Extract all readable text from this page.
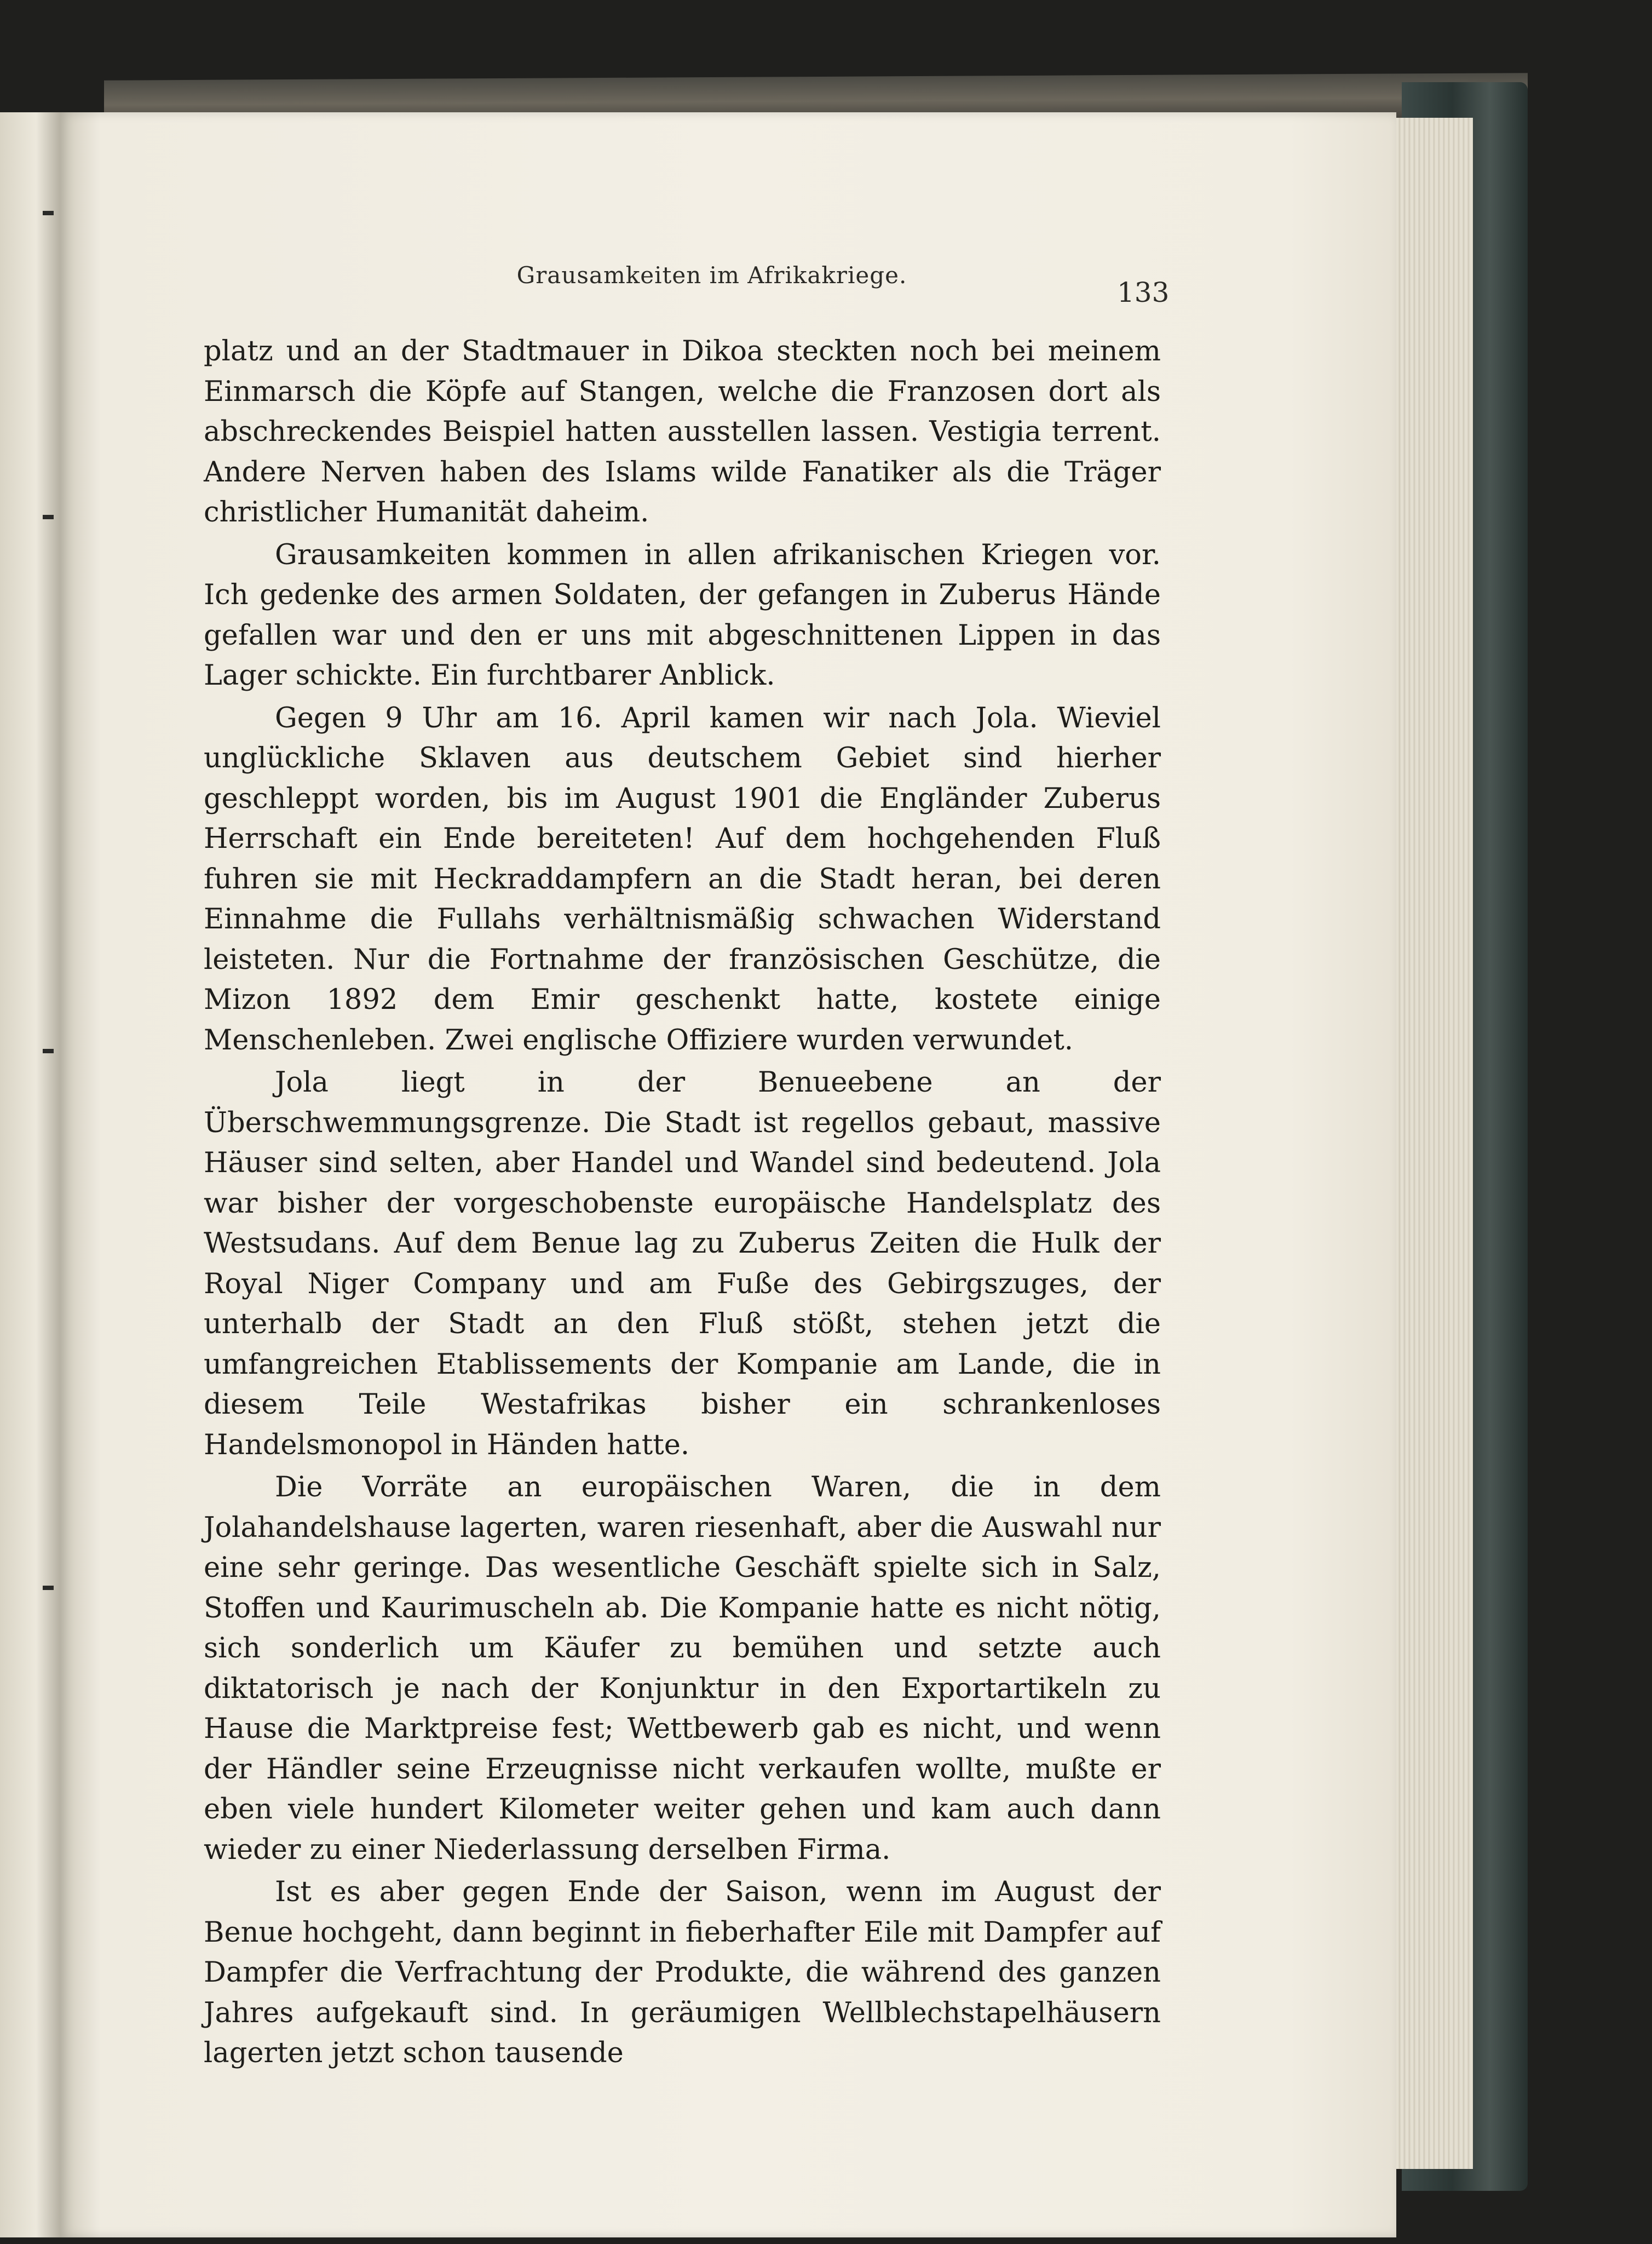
Grausamkeiten im Afrikakriege.
133

platz und an der Stadtmauer in Dikoa steckten noch bei meinem Einmarsch die Köpfe auf Stangen, welche die Franzosen dort als abschreckendes Beispiel hatten ausstellen lassen. Vestigia terrent. Andere Nerven haben des Islams wilde Fanatiker als die Träger christlicher Humanität daheim.

Grausamkeiten kommen in allen afrikanischen Kriegen vor. Ich gedenke des armen Soldaten, der gefangen in Zuberus Hände gefallen war und den er uns mit abgeschnittenen Lippen in das Lager schickte. Ein furchtbarer Anblick.

Gegen 9 Uhr am 16. April kamen wir nach Jola. Wieviel unglückliche Sklaven aus deutschem Gebiet sind hierher geschleppt worden, bis im August 1901 die Engländer Zuberus Herrschaft ein Ende bereiteten! Auf dem hochgehenden Fluß fuhren sie mit Heckraddampfern an die Stadt heran, bei deren Einnahme die Fullahs verhältnismäßig schwachen Widerstand leisteten. Nur die Fortnahme der französischen Geschütze, die Mizon 1892 dem Emir geschenkt hatte, kostete einige Menschenleben. Zwei englische Offiziere wurden verwundet.

Jola liegt in der Benueebene an der Überschwemmungsgrenze. Die Stadt ist regellos gebaut, massive Häuser sind selten, aber Handel und Wandel sind bedeutend. Jola war bisher der vorgeschobenste europäische Handelsplatz des Westsudans. Auf dem Benue lag zu Zuberus Zeiten die Hulk der Royal Niger Company und am Fuße des Gebirgszuges, der unterhalb der Stadt an den Fluß stößt, stehen jetzt die umfangreichen Etablissements der Kompanie am Lande, die in diesem Teile Westafrikas bisher ein schrankenloses Handelsmonopol in Händen hatte.

Die Vorräte an europäischen Waren, die in dem Jolahandelshause lagerten, waren riesenhaft, aber die Auswahl nur eine sehr geringe. Das wesentliche Geschäft spielte sich in Salz, Stoffen und Kaurimuscheln ab. Die Kompanie hatte es nicht nötig, sich sonderlich um Käufer zu bemühen und setzte auch diktatorisch je nach der Konjunktur in den Exportartikeln zu Hause die Marktpreise fest; Wettbewerb gab es nicht, und wenn der Händler seine Erzeugnisse nicht verkaufen wollte, mußte er eben viele hundert Kilometer weiter gehen und kam auch dann wieder zu einer Niederlassung derselben Firma.

Ist es aber gegen Ende der Saison, wenn im August der Benue hochgeht, dann beginnt in fieberhafter Eile mit Dampfer auf Dampfer die Verfrachtung der Produkte, die während des ganzen Jahres aufgekauft sind. In geräumigen Wellblechstapelhäusern lagerten jetzt schon tausende
